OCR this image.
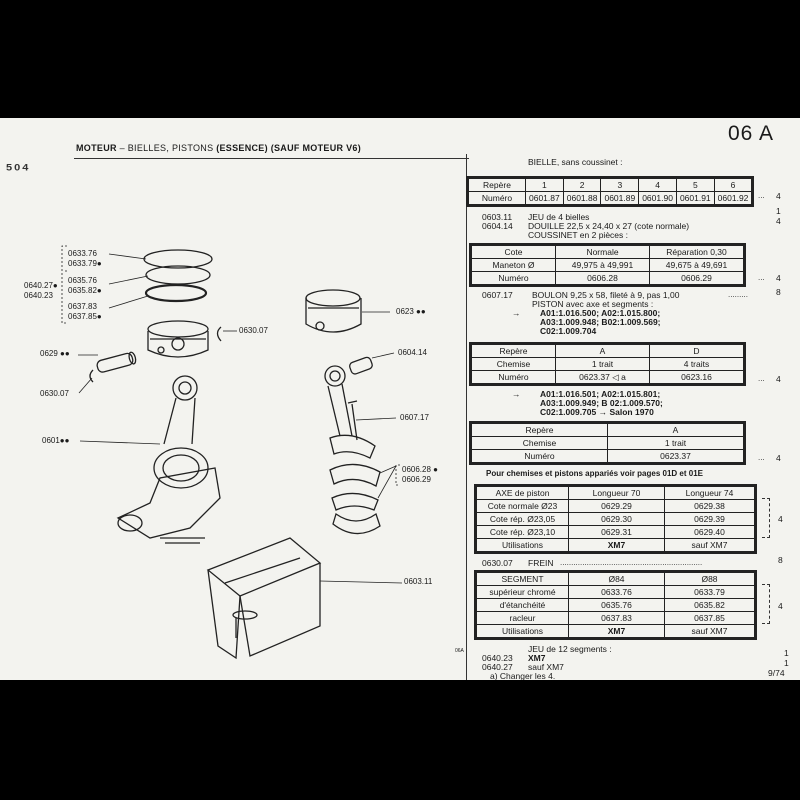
MOTEUR – BIELLES, PISTONS (ESSENCE) (SAUF MOTEUR V6)
06 A
504
0633.76
0633.79●
0635.76
0635.82●
0637.83
0637.85●
0640.27●
0640.23
0630.07
0629 ●●
0630.07
0601●●
0623 ●●
0604.14
0607.17
0606.28 ●
0606.29
0603.11
06A
BIELLE, sans coussinet :
Repère	1	2	3	4	5	6
Numéro	0601.87	0601.88	0601.89	0601.90	0601.91	0601.92 ... 4
0603.11 JEU de 4 bielles
1
0604.14 DOUILLE 22,5 x 24,40 x 27 (cote normale)	4
COUSSINET en 2 pièces :
Cote	Normale	Réparation 0,30
Maneton Ø	49,975 à 49,991	49,675 à 49,691
Numéro	0606.28	0606.29	... 4
0607.17 BOULON 9,25 x 58, fileté à 9, pas 1,00	.........	8
PISTON avec axe et segments :
→ A01:1.016.500; A02:1.015.800;
A03:1.009.948; B02:1.009.569;
C02:1.009.704
Repère	A	D
Chemise	1 trait	4 traits
Numéro	0623.37 ◁ a	0623.16	... 4
→ A01:1.016.501; A02:1.015.801;
A03:1.009.949; B 02:1.009.570;
C02:1.009.705 → Salon 1970
Repère	A
Chemise	1 trait
Numéro	0623.37	... 4
Pour chemises et pistons appariés voir pages 01D et 01E
AXE de piston	Longueur 70	Longueur 74
Cote normale Ø23	0629.29	0629.38
Cote rép. Ø23,05	0629.30	0629.39
Cote rép. Ø23,10	0629.31	0629.40
Utilisations	XM7	sauf XM7
4
0630.07 FREIN ................................................................	8
SEGMENT	Ø84	Ø88
supérieur chromé	0633.76	0633.79
d'étanchéité	0635.76	0635.82
racleur	0637.83	0637.85
Utilisations	XM7	sauf XM7
4
JEU de 12 segments :
0640.23 XM7	1
0640.27 sauf XM7	1
a) Changer les 4.	9/74
